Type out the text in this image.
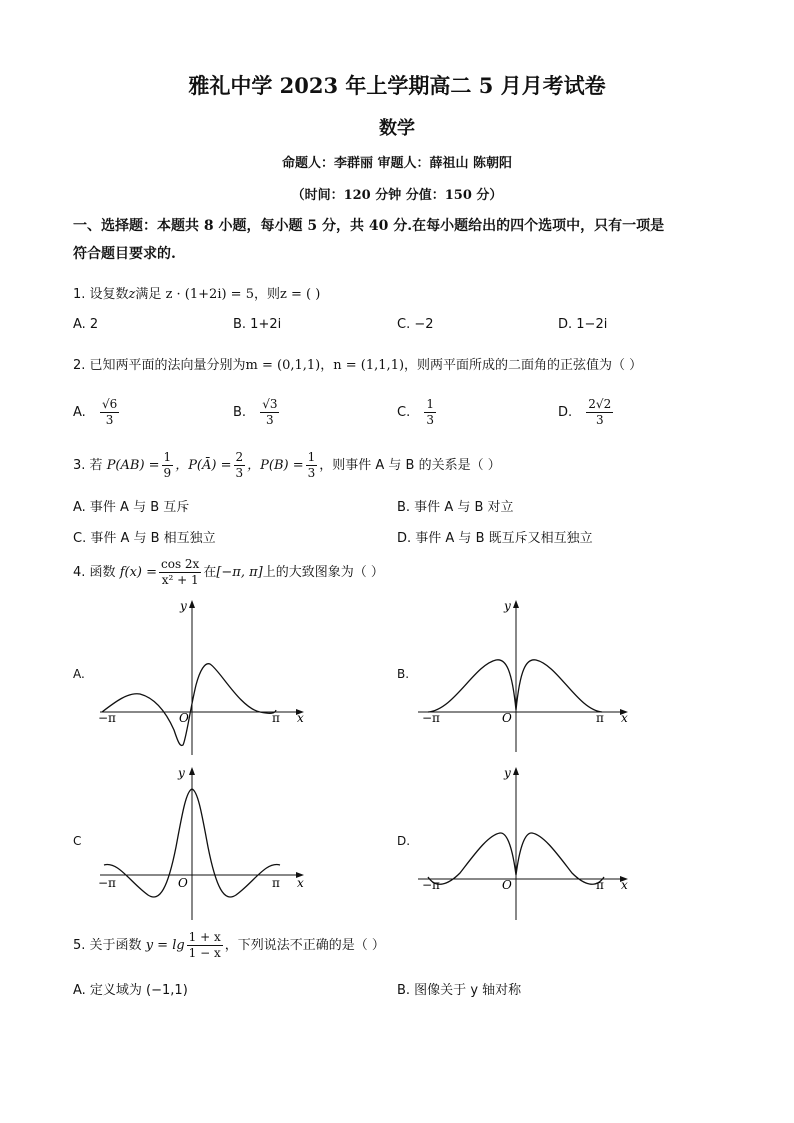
雅礼中学 2023 年上学期高二 5 月月考试卷
数学
命题人：李群丽 审题人：薛祖山 陈朝阳
（时间：120 分钟 分值：150 分）
一、选择题：本题共 8 小题，每小题 5 分，共 40 分.在每小题给出的四个选项中，只有一项是
符合题目要求的.
1. 设复数z满足 z · (1+2i) = 5，则z = ( )
A. 2	B. 1+2i	C. −2	D. 1−2i
2. 已知两平面的法向量分别为m = (0,1,1)，n = (1,1,1)，则两平面所成的二面角的正弦值为（ ）
A. $\frac{√6}{3}$	B. $\frac{√3}{3}$	C. $\frac{1}{3}$	D. $\frac{2√2}{3}$
3. 若 $P(AB) = \frac{1}{9}$ ，P(Ā) = $\frac{2}{3}$ ，$P(B) = \frac{1}{3}$ ，则事件 A 与 B 的关系是（ ）
A. 事件 A 与 B 互斥	B. 事件 A 与 B 对立
C. 事件 A 与 B 相互独立	D. 事件 A 与 B 既互斥又相互独立
4. 函数 $f(x) = \frac{\cos 2x}{\text{x² + 1}}$ 在[−π, π]上的大致图象为（ ）
A.	B.
C	D.
−π	O	π x
y
−π	O	π x
y
−π	O	π x
y
−π	O	π x
y
5. 关于函数 $y = \lg \frac{1 + x}{1 - x}$ ，下列说法不正确的是（ ）
A. 定义域为 (−1,1)	B. 图像关于 y 轴对称
